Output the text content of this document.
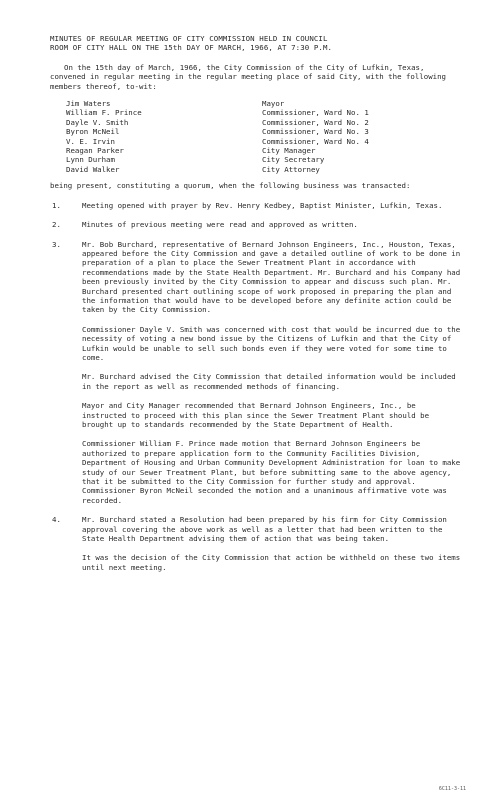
MINUTES OF REGULAR MEETING OF CITY COMMISSION HELD IN COUNCIL
ROOM OF CITY HALL ON THE 15th DAY OF MARCH, 1966, AT 7:30 P.M.

On the 15th day of March, 1966, the City Commission of the City of Lufkin, Texas, convened in regular meeting in the regular meeting place of said City, with the following members thereof, to-wit:

Jim Waters	Mayor
William F. Prince	Commissioner, Ward No. 1
Dayle V. Smith	Commissioner, Ward No. 2
Byron McNeil	Commissioner, Ward No. 3
V. E. Irvin	Commissioner, Ward No. 4
Reagan Parker	City Manager
Lynn Durham	City Secretary
David Walker	City Attorney

being present, constituting a quorum, when the following business was transacted:

1.	Meeting opened with prayer by Rev. Henry Kedbey, Baptist Minister, Lufkin, Texas.
2.	Minutes of previous meeting were read and approved as written.
3.	Mr. Bob Burchard, representative of Bernard Johnson Engineers, Inc., Houston, Texas, appeared before the City Commission and gave a detailed outline of work to be done in preparation of a plan to place the Sewer Treatment Plant in accordance with recommendations made by the State Health Department. Mr. Burchard and his Company had been previously invited by the City Commission to appear and discuss such plan. Mr. Burchard presented chart outlining scope of work proposed in preparing the plan and the information that would have to be developed before any definite action could be taken by the City Commission.
Commissioner Dayle V. Smith was concerned with cost that would be incurred due to the necessity of voting a new bond issue by the Citizens of Lufkin and that the City of Lufkin would be unable to sell such bonds even if they were voted for some time to come.
Mr. Burchard advised the City Commission that detailed information would be included in the report as well as recommended methods of financing.
Mayor and City Manager recommended that Bernard Johnson Engineers, Inc., be instructed to proceed with this plan since the Sewer Treatment Plant should be brought up to standards recommended by the State Department of Health.
Commissioner William F. Prince made motion that Bernard Johnson Engineers be authorized to prepare application form to the Community Facilities Division, Department of Housing and Urban Community Development Administration for loan to make study of our Sewer Treatment Plant, but before submitting same to the above agency, that it be submitted to the City Commission for further study and approval. Commissioner Byron McNeil seconded the motion and a unanimous affirmative vote was recorded.
4.	Mr. Burchard stated a Resolution had been prepared by his firm for City Commission approval covering the above work as well as a letter that had been written to the State Health Department advising them of action that was being taken.
It was the decision of the City Commission that action be withheld on these two items until next meeting.
6C11-3-11
